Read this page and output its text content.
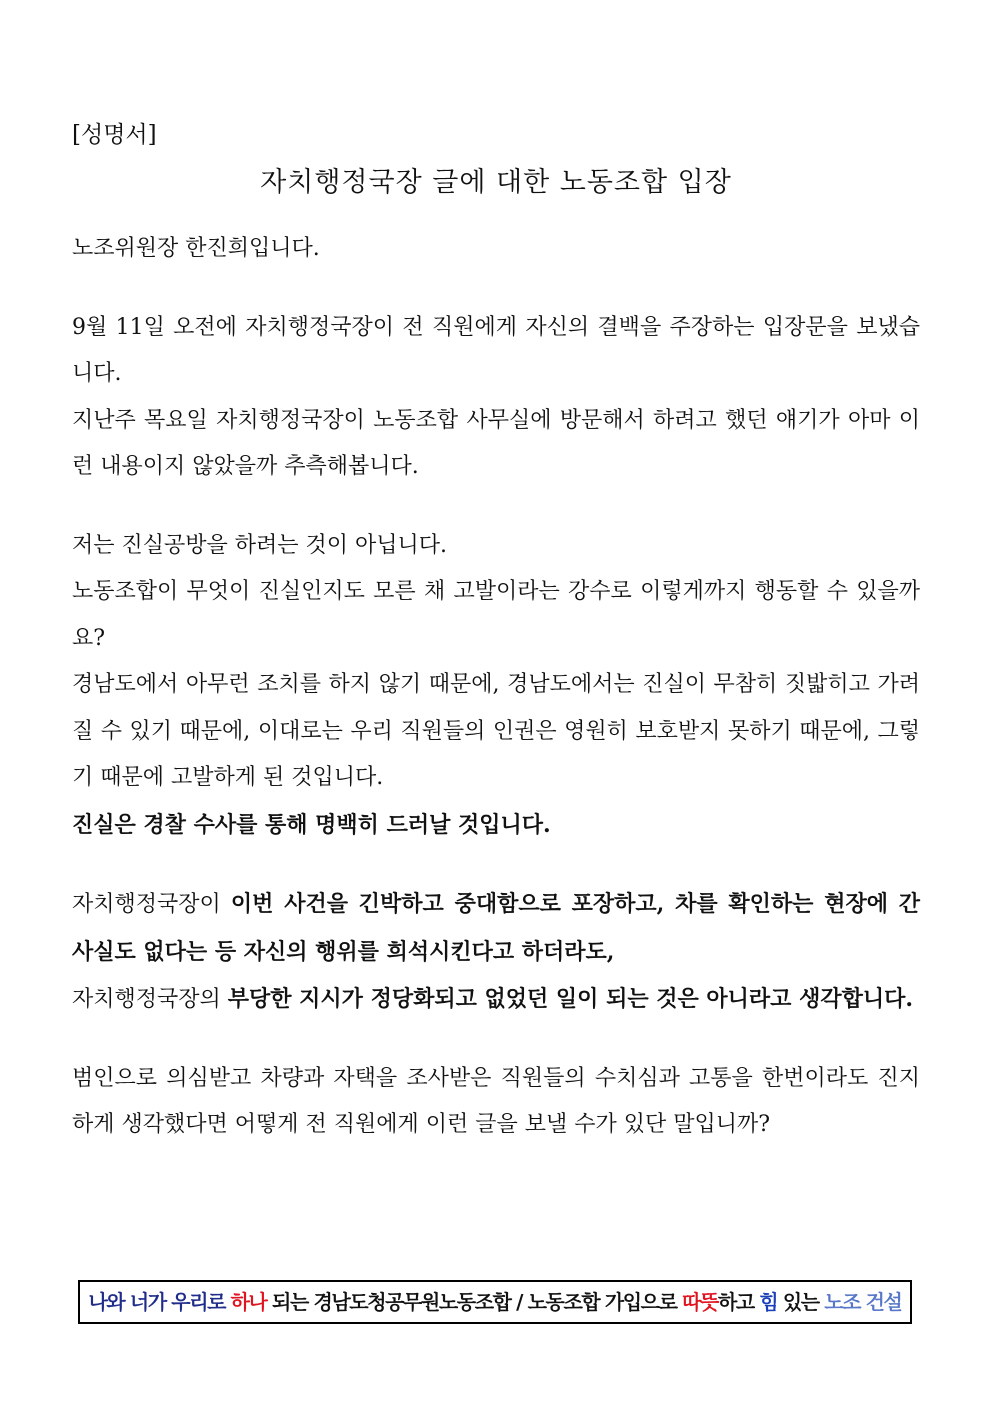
[성명서]
자치행정국장 글에 대한 노동조합 입장

노조위원장 한진희입니다.

9월 11일 오전에 자치행정국장이 전 직원에게 자신의 결백을 주장하는 입장문을 보냈습니다.

지난주 목요일 자치행정국장이 노동조합 사무실에 방문해서 하려고 했던 얘기가 아마 이런 내용이지 않았을까 추측해봅니다.

저는 진실공방을 하려는 것이 아닙니다.

노동조합이 무엇이 진실인지도 모른 채 고발이라는 강수로 이렇게까지 행동할 수 있을까요?

경남도에서 아무런 조치를 하지 않기 때문에, 경남도에서는 진실이 무참히 짓밟히고 가려질 수 있기 때문에, 이대로는 우리 직원들의 인권은 영원히 보호받지 못하기 때문에, 그렇기 때문에 고발하게 된 것입니다.

진실은 경찰 수사를 통해 명백히 드러날 것입니다.

자치행정국장이 이번 사건을 긴박하고 중대함으로 포장하고, 차를 확인하는 현장에 간 사실도 없다는 등 자신의 행위를 희석시킨다고 하더라도,

자치행정국장의 부당한 지시가 정당화되고 없었던 일이 되는 것은 아니라고 생각합니다.

범인으로 의심받고 차량과 자택을 조사받은 직원들의 수치심과 고통을 한번이라도 진지하게 생각했다면 어떻게 전 직원에게 이런 글을 보낼 수가 있단 말입니까?

나와 너가 우리로 하나 되는 경남도청공무원노동조합 / 노동조합 가입으로 따뜻하고 힘 있는 노조 건설
